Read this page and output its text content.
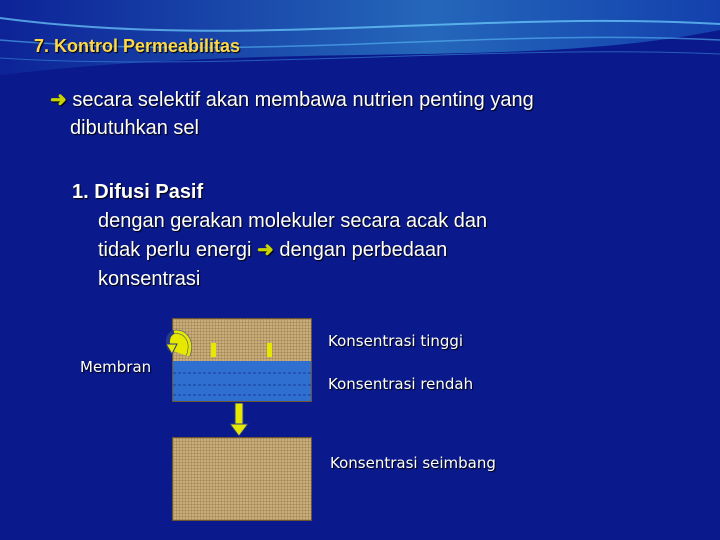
7. Kontrol Permeabilitas
➜ secara selektif akan membawa nutrien penting yang
dibutuhkan sel
1. Difusi Pasif
dengan gerakan molekuler secara acak dan
tidak perlu energi ➜ dengan perbedaan
konsentrasi
Membran
Konsentrasi tinggi
Konsentrasi rendah
Konsentrasi seimbang
